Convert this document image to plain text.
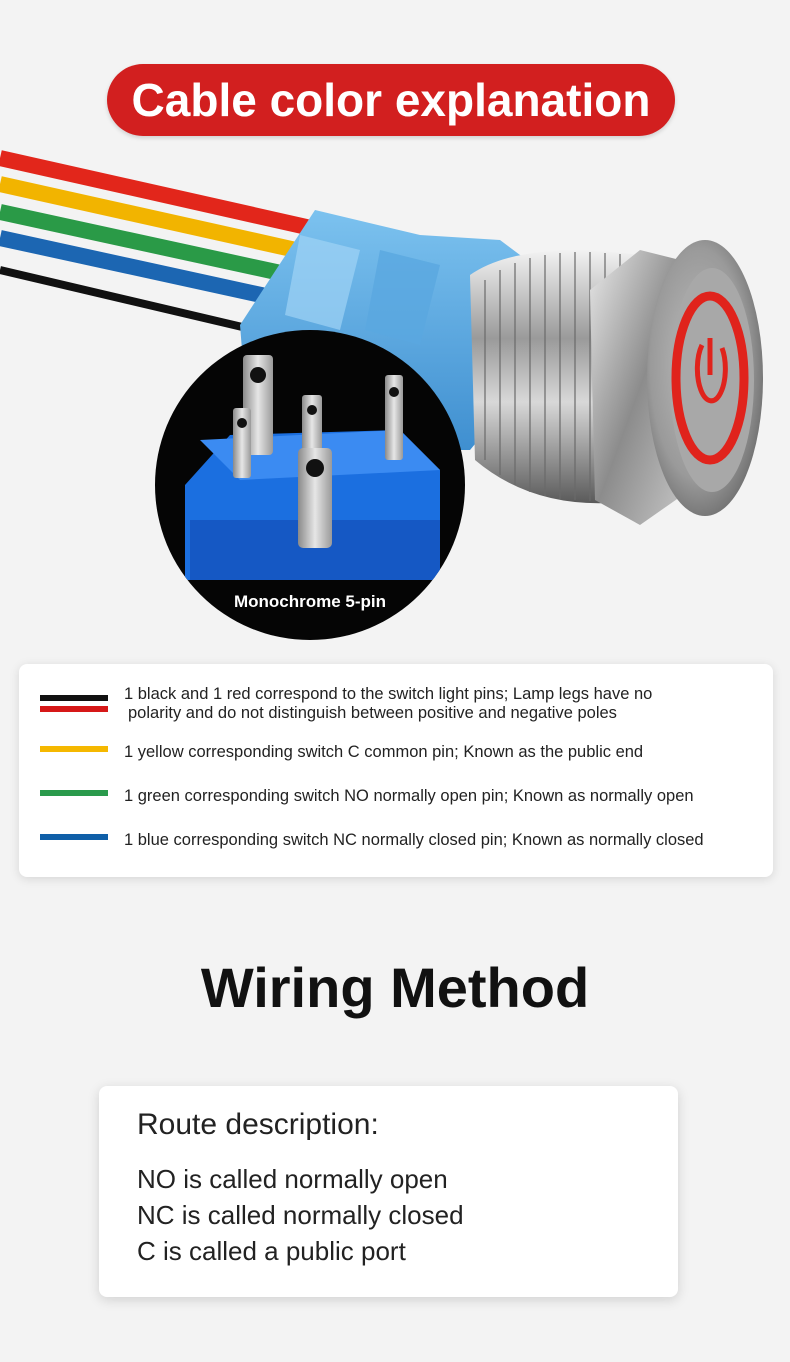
Cable color explanation
Monochrome 5-pin
1 black and 1 red correspond to the switch light pins; Lamp legs have no
polarity and do not distinguish between positive and negative poles
1 yellow corresponding switch C common pin; Known as the public end
1 green corresponding switch NO normally open pin; Known as normally open
1 blue corresponding switch NC normally closed pin; Known as normally closed
Wiring Method
Route description:
NO is called normally open
NC is called normally closed
C is called a public port
